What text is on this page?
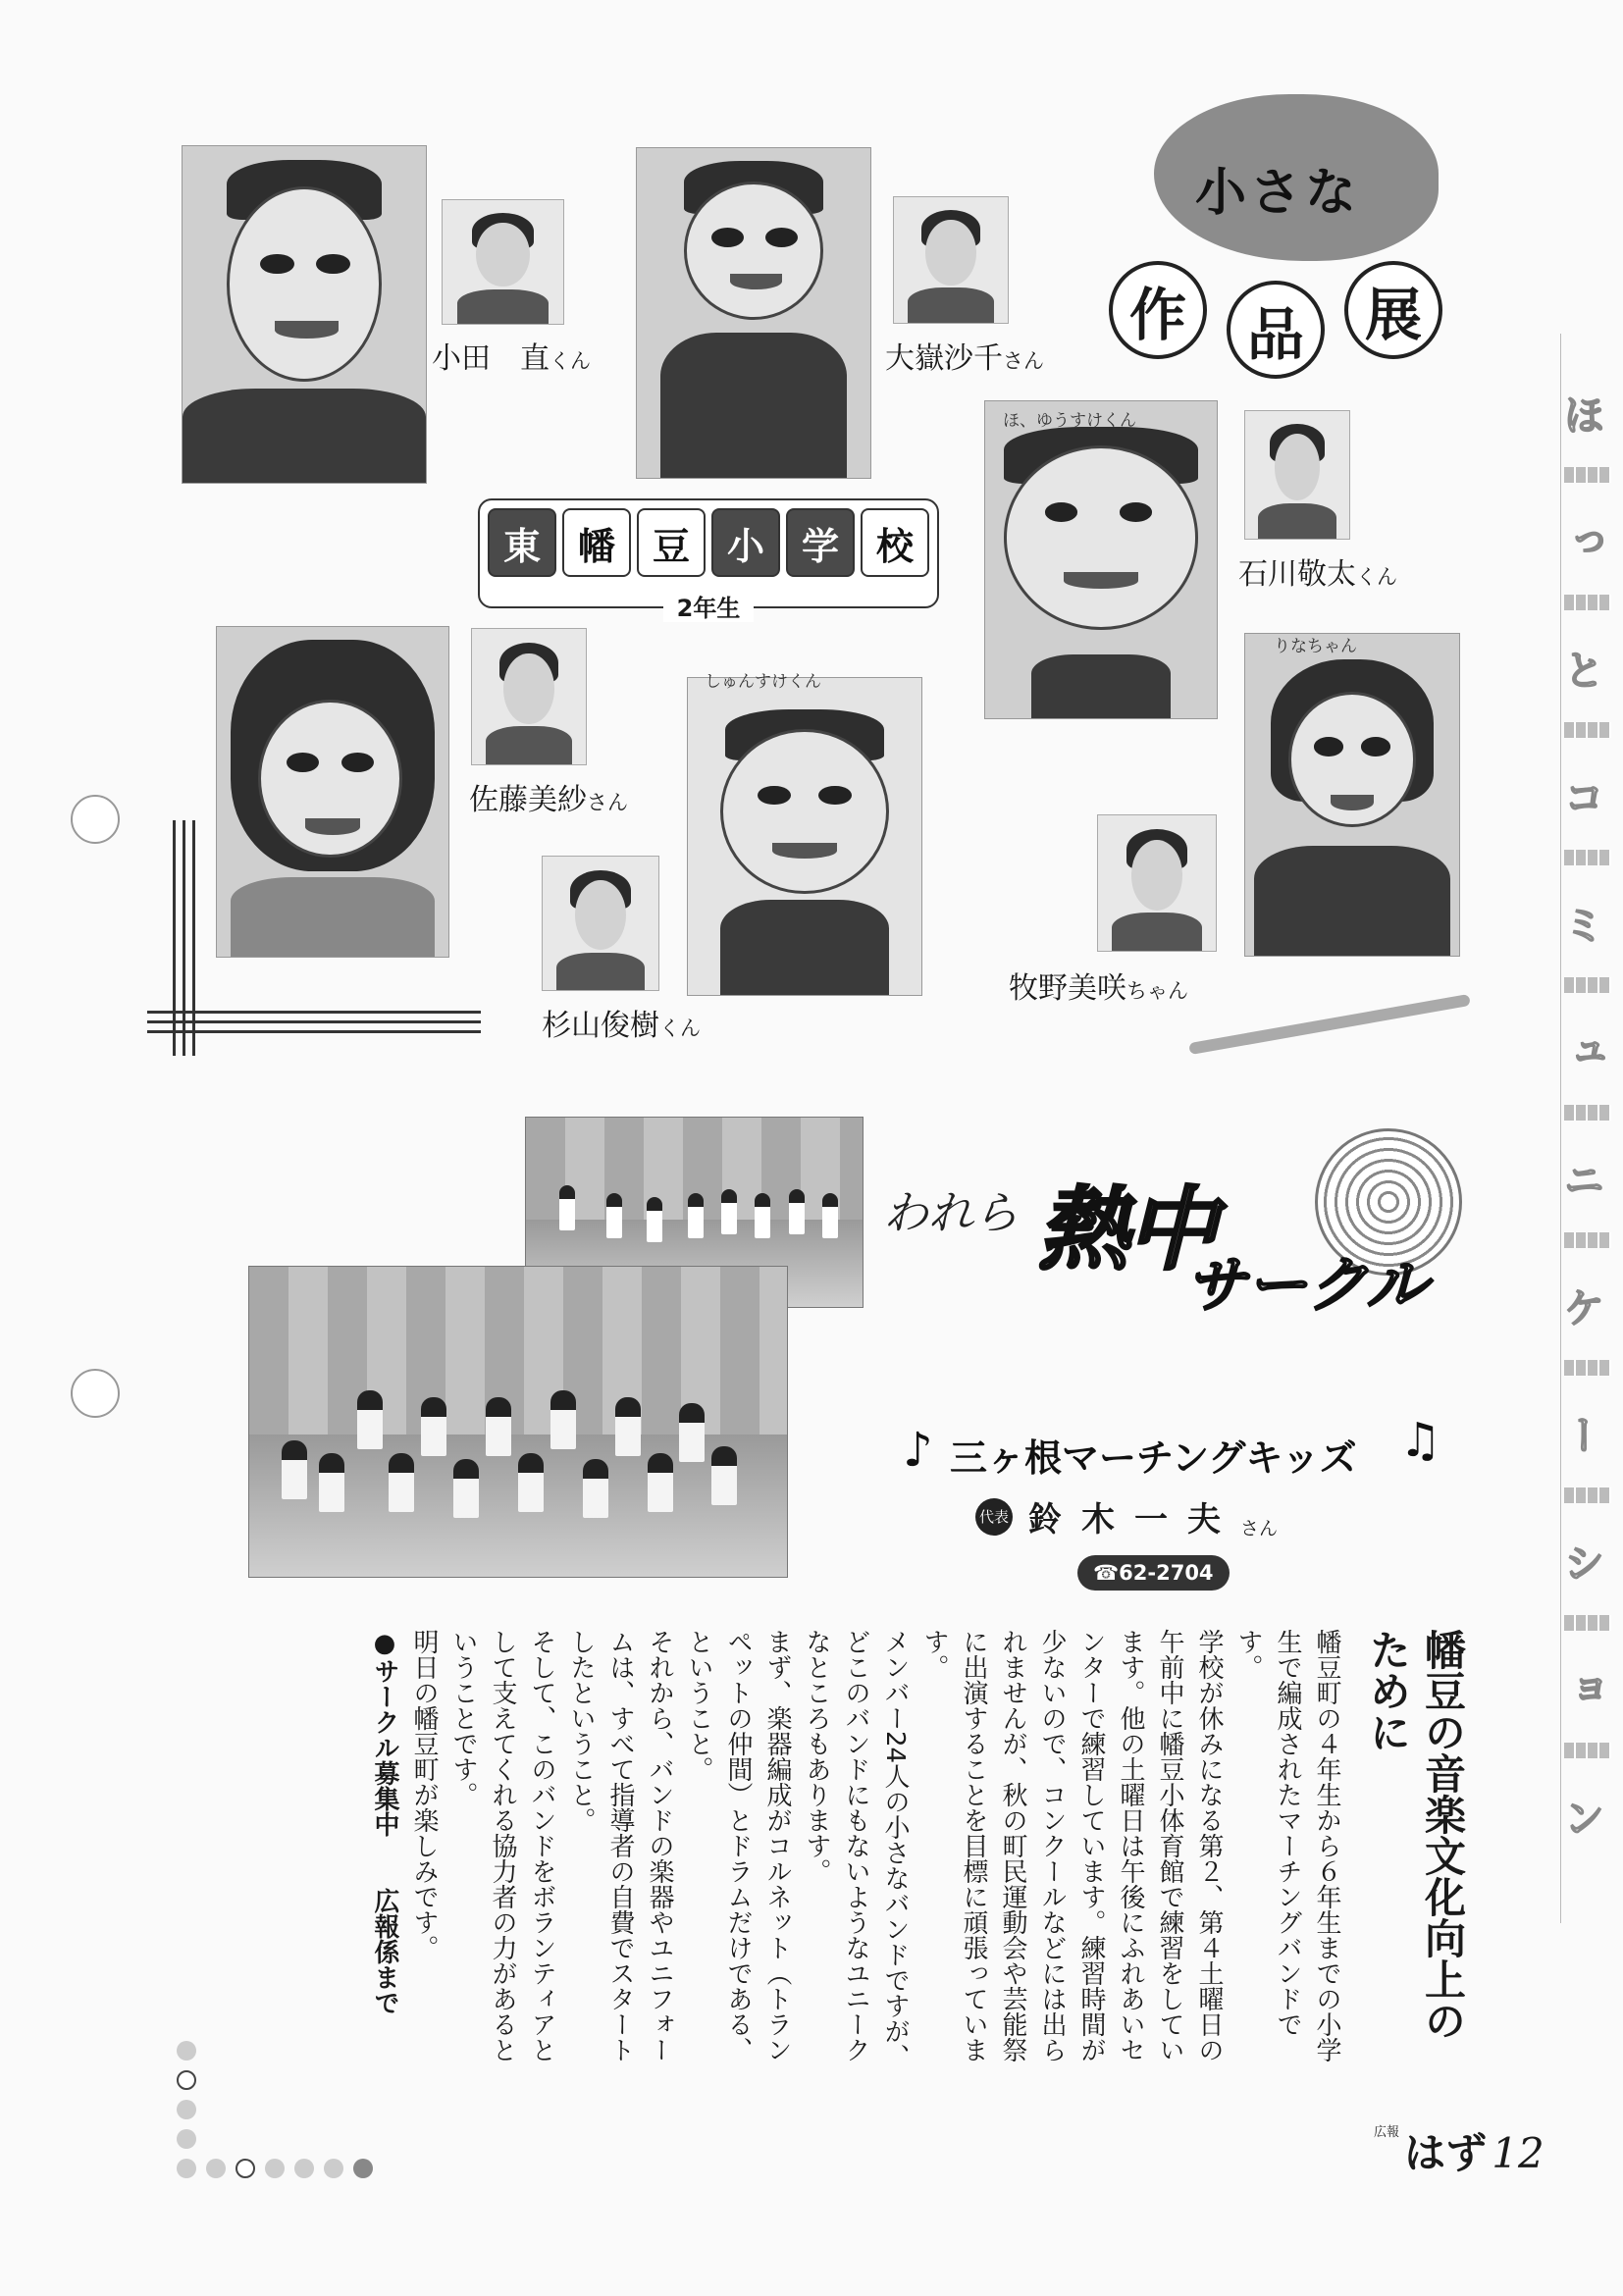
小さな
作	品	展
ほ、ゆうすけくん
しゅんすけくん
りなちゃん
小田　直くん	大嶽沙千さん
石川敬太くん
佐藤美紗さん
杉山俊樹くん
牧野美咲ちゃん
東 幡 豆 小 学 校
2年生
ほ
っ
と
コ
ミ
ュ
ニ
ケ
ー
シ
ョ
ン
われら 熱中
サークル
♪ 三ヶ根マーチングキッズ ♫
代表 鈴木一夫さん
☎62-2704

幡豆の音楽文化向上のために

幡豆町の４年生から６年生までの小学生で編成されたマーチングバンドです。

学校が休みになる第２、第４土曜日の午前中に幡豆小体育館で練習をしています。他の土曜日は午後にふれあいセンターで練習しています。練習時間が少ないので、コンクールなどには出られませんが、秋の町民運動会や芸能祭に出演することを目標に頑張っています。

メンバー24人の小さなバンドですが、どこのバンドにもないようなユニークなところもあります。

まず、楽器編成がコルネット（トランペットの仲間）とドラムだけである、ということ。

それから、バンドの楽器やユニフォームは、すべて指導者の自費でスタートしたということ。

そして、このバンドをボランティアとして支えてくれる協力者の力があるということです。

明日の幡豆町が楽しみです。

●サークル募集中　　広報係まで

$^{広報}$ はず 12
